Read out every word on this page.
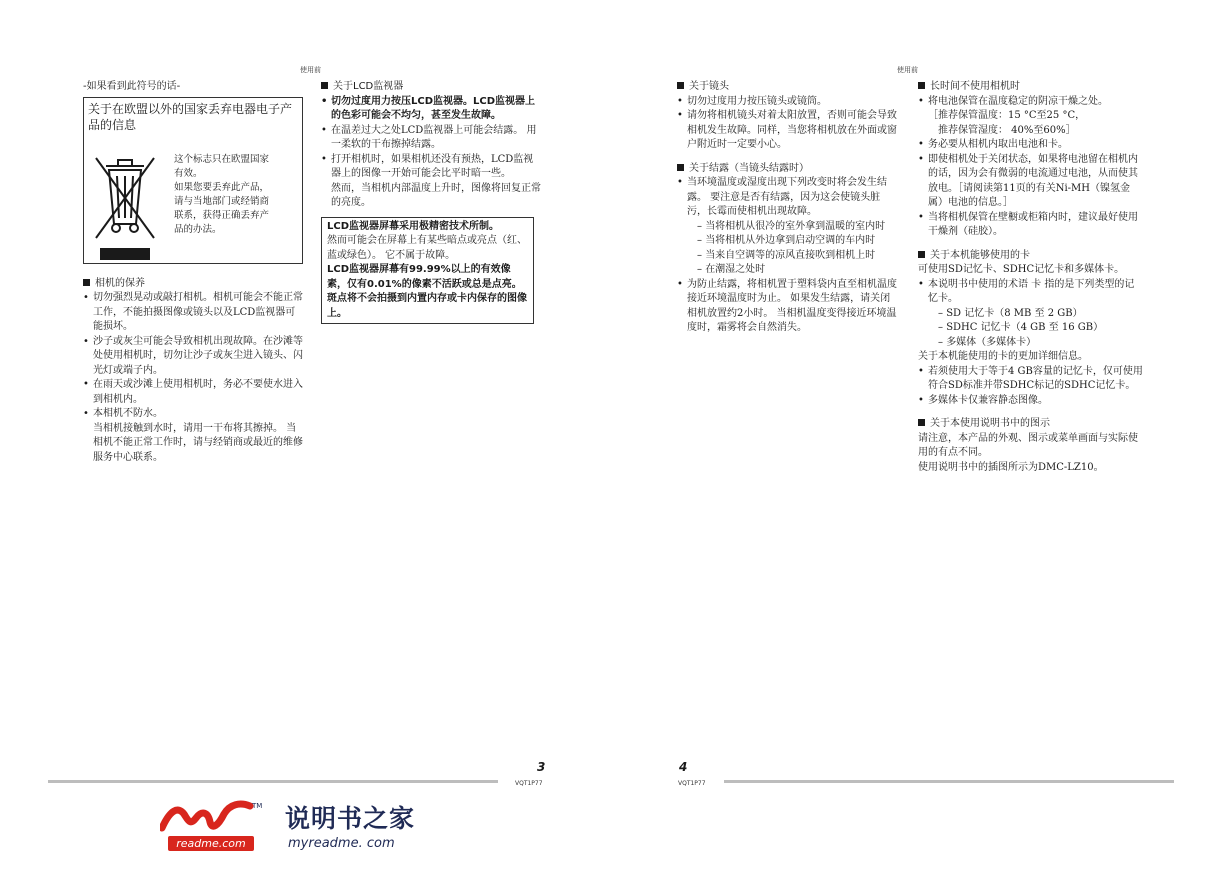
使用前
-如果看到此符号的话-
关于在欧盟以外的国家丢弃电器电子产品的信息
这个标志只在欧盟国家
有效。
如果您要丢弃此产品，
请与当地部门或经销商
联系，获得正确丢弃产
品的办法。
相机的保养
• 切勿强烈晃动或敲打相机。相机可能会不能正常工作，不能拍摄图像或镜头以及LCD监视器可能损坏。
• 沙子或灰尘可能会导致相机出现故障。在沙滩等处使用相机时，切勿让沙子或灰尘进入镜头、闪光灯或端子内。
• 在雨天或沙滩上使用相机时，务必不要使水进入到相机内。
• 本相机不防水。
当相机接触到水时，请用一干布将其擦掉。 当相机不能正常工作时，请与经销商或最近的维修服务中心联系。
关于LCD监视器
• 切勿过度用力按压LCD监视器。LCD监视器上的色彩可能会不均匀，甚至发生故障。
• 在温差过大之处LCD监视器上可能会结露。 用一柔软的干布擦掉结露。
• 打开相机时，如果相机还没有预热，LCD监视器上的图像一开始可能会比平时暗一些。
然而，当相机内部温度上升时，图像将回复正常的亮度。
LCD监视器屏幕采用极精密技术所制。
然而可能会在屏幕上有某些暗点或亮点（红、蓝或绿色）。 它不属于故障。
LCD监视器屏幕有99.99%以上的有效像素，仅有0.01%的像素不活跃或总是点亮。
斑点将不会拍摄到内置内存或卡内保存的图像上。
3
VQT1P77
使用前
关于镜头
• 切勿过度用力按压镜头或镜筒。
• 请勿将相机镜头对着太阳放置，否则可能会导致相机发生故障。同样，当您将相机放在外面或窗户附近时一定要小心。
关于结露（当镜头结露时）
• 当环境温度或湿度出现下列改变时将会发生结露。 要注意是否有结露，因为这会使镜头脏污，长霉而使相机出现故障。
– 当将相机从很冷的室外拿到温暖的室内时
– 当将相机从外边拿到启动空调的车内时
– 当来自空调等的凉风直接吹到相机上时
– 在潮湿之处时
• 为防止结露，将相机置于塑料袋内直至相机温度接近环境温度时为止。 如果发生结露，请关闭相机放置约2小时。 当相机温度变得接近环境温度时，霜雾将会自然消失。
长时间不使用相机时
• 将电池保管在温度稳定的阴凉干燥之处。
［推荐保管温度：15 °C至25 °C，
推荐保管湿度： 40%至60%］
• 务必要从相机内取出电池和卡。
• 即使相机处于关闭状态，如果将电池留在相机内的话，因为会有微弱的电流通过电池，从而使其放电。［请阅读第11页的有关Ni-MH（镍氢金属）电池的信息。］
• 当将相机保管在壁橱或柜箱内时，建议最好使用干燥剂（硅胶）。
关于本机能够使用的卡
可使用SD记忆卡、SDHC记忆卡和多媒体卡。
• 本说明书中使用的术语 卡 指的是下列类型的记忆卡。
– SD 记忆卡（8 MB 至 2 GB）
– SDHC 记忆卡（4 GB 至 16 GB）
– 多媒体（多媒体卡）
关于本机能使用的卡的更加详细信息。
• 若须使用大于等于4 GB容量的记忆卡，仅可使用符合SD标准并带SDHC标记的SDHC记忆卡。
• 多媒体卡仅兼容静态图像。
关于本使用说明书中的图示
请注意，本产品的外观、图示或菜单画面与实际使用的有点不同。
使用说明书中的插图所示为DMC-LZ10。
4
VQT1P77
TM
readme.com
说明书之家
myreadme. com
